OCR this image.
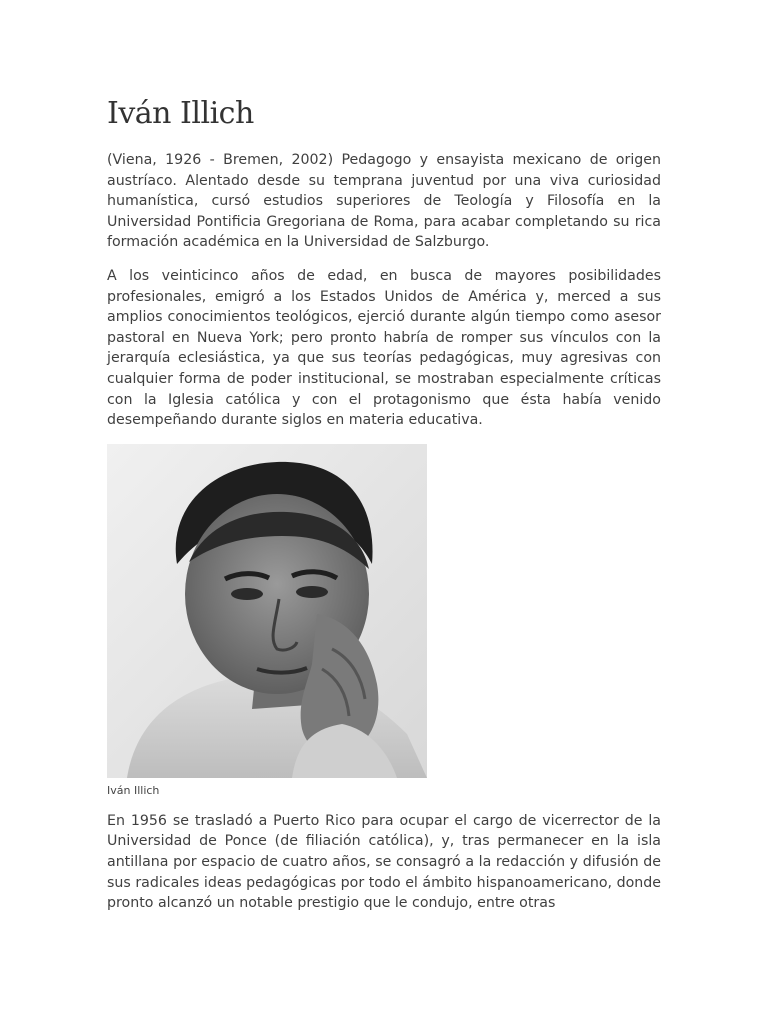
Iván Illich

(Viena, 1926 - Bremen, 2002) Pedagogo y ensayista mexicano de origen austríaco. Alentado desde su temprana juventud por una viva curiosidad humanística, cursó estudios superiores de Teología y Filosofía en la Universidad Pontificia Gregoriana de Roma, para acabar completando su rica formación académica en la Universidad de Salzburgo.

A los veinticinco años de edad, en busca de mayores posibilidades profesionales, emigró a los Estados Unidos de América y, merced a sus amplios conocimientos teológicos, ejerció durante algún tiempo como asesor pastoral en Nueva York; pero pronto habría de romper sus vínculos con la jerarquía eclesiástica, ya que sus teorías pedagógicas, muy agresivas con cualquier forma de poder institucional, se mostraban especialmente críticas con la Iglesia católica y con el protagonismo que ésta había venido desempeñando durante siglos en materia educativa.

Iván Illich

En 1956 se trasladó a Puerto Rico para ocupar el cargo de vicerrector de la Universidad de Ponce (de filiación católica), y, tras permanecer en la isla antillana por espacio de cuatro años, se consagró a la redacción y difusión de sus radicales ideas pedagógicas por todo el ámbito hispanoamericano, donde pronto alcanzó un notable prestigio que le condujo, entre otras
